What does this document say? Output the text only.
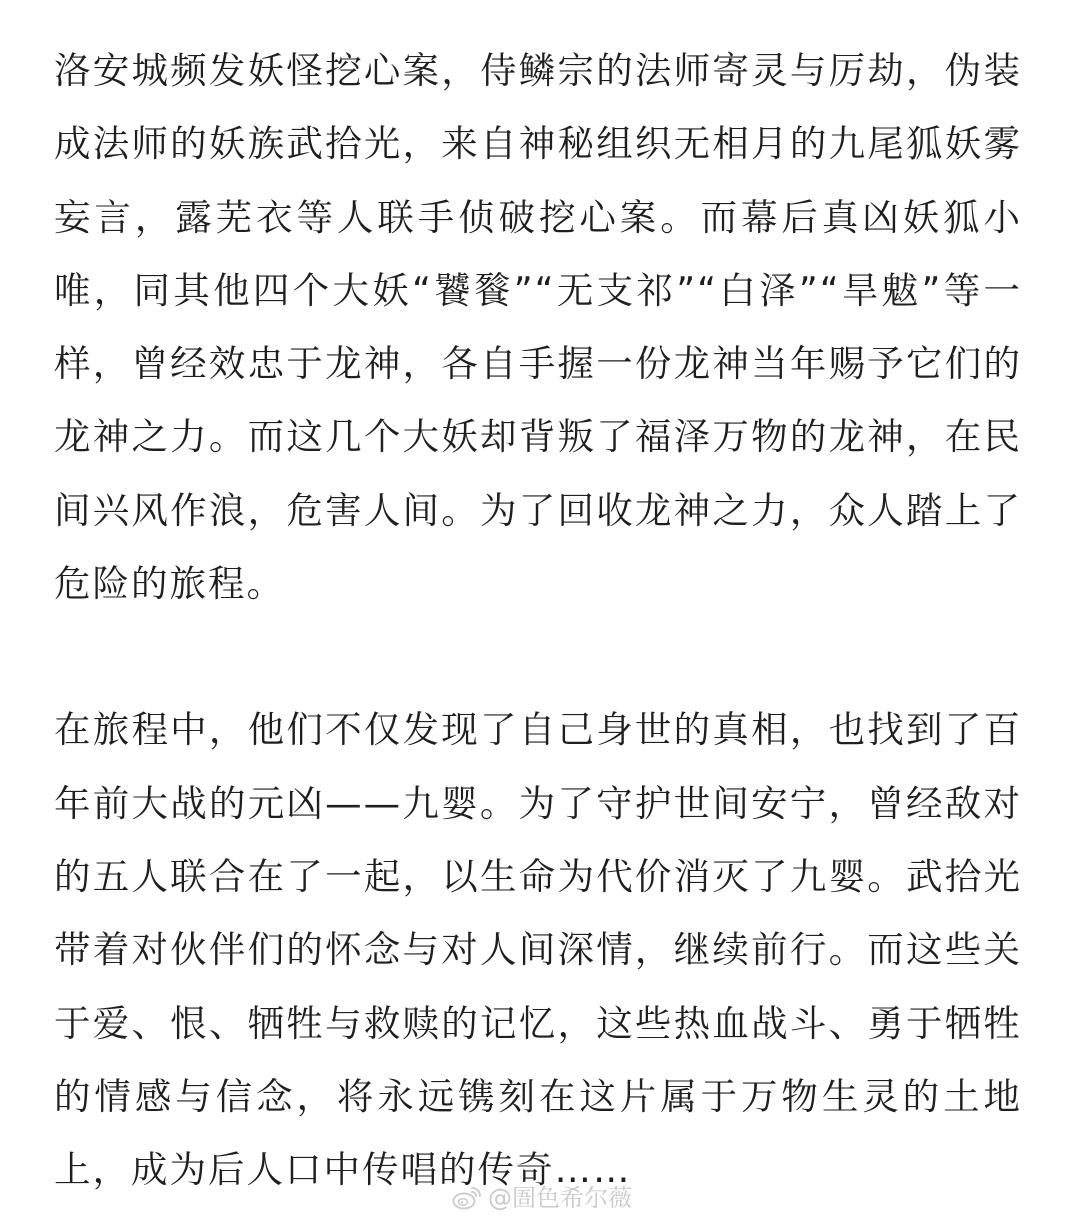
洛安城频发妖怪挖心案，侍鳞宗的法师寄灵与厉劫，伪装成法师的妖族武拾光，来自神秘组织无相月的九尾狐妖雾妄言，露芜衣等人联手侦破挖心案。而幕后真凶妖狐小唯，同其他四个大妖“饕餮”“无支祁”“白泽”“旱魃”等一样，曾经效忠于龙神，各自手握一份龙神当年赐予它们的龙神之力。而这几个大妖却背叛了福泽万物的龙神，在民间兴风作浪，危害人间。为了回收龙神之力，众人踏上了危险的旅程。

在旅程中，他们不仅发现了自己身世的真相，也找到了百年前大战的元凶——九婴。为了守护世间安宁，曾经敌对的五人联合在了一起，以生命为代价消灭了九婴。武拾光带着对伙伴们的怀念与对人间深情，继续前行。而这些关于爱、恨、牺牲与救赎的记忆，这些热血战斗、勇于牺牲的情感与信念，将永远镌刻在这片属于万物生灵的土地上，成为后人口中传唱的传奇……

@圄色希尔薇
